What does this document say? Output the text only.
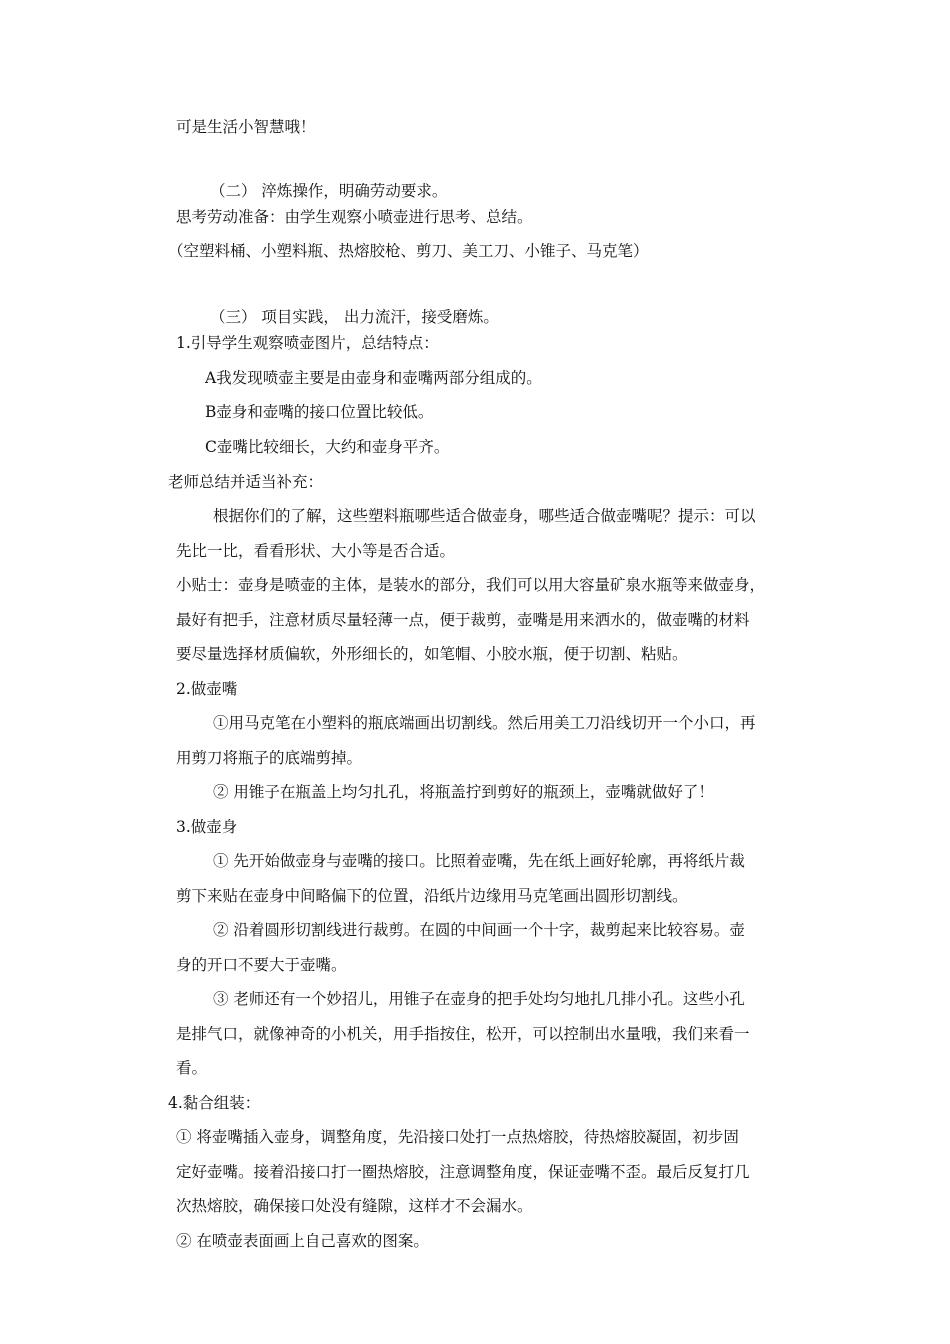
可是生活小智慧哦！
（二） 淬炼操作，明确劳动要求。
思考劳动准备：由学生观察小喷壶进行思考、总结。
（空塑料桶、小塑料瓶、热熔胶枪、剪刀、美工刀、小锥子、马克笔）
（三） 项目实践， 出力流汗，接受磨炼。
1.引导学生观察喷壶图片，总结特点：
A我发现喷壶主要是由壶身和壶嘴两部分组成的。
B壶身和壶嘴的接口位置比较低。
C壶嘴比较细长，大约和壶身平齐。
老师总结并适当补充：
根据你们的了解，这些塑料瓶哪些适合做壶身，哪些适合做壶嘴呢？提示：可以
先比一比，看看形状、大小等是否合适。
小贴士：壶身是喷壶的主体，是装水的部分，我们可以用大容量矿泉水瓶等来做壶身，
最好有把手，注意材质尽量轻薄一点，便于裁剪，壶嘴是用来洒水的，做壶嘴的材料
要尽量选择材质偏软，外形细长的，如笔帽、小胶水瓶，便于切割、粘贴。
2.做壶嘴
①用马克笔在小塑料的瓶底端画出切割线。然后用美工刀沿线切开一个小口，再
用剪刀将瓶子的底端剪掉。
② 用锥子在瓶盖上均匀扎孔，将瓶盖拧到剪好的瓶颈上，壶嘴就做好了！
3.做壶身
① 先开始做壶身与壶嘴的接口。比照着壶嘴，先在纸上画好轮廓，再将纸片裁
剪下来贴在壶身中间略偏下的位置，沿纸片边缘用马克笔画出圆形切割线。
② 沿着圆形切割线进行裁剪。在圆的中间画一个十字，裁剪起来比较容易。壶
身的开口不要大于壶嘴。
③ 老师还有一个妙招儿，用锥子在壶身的把手处均匀地扎几排小孔。这些小孔
是排气口，就像神奇的小机关，用手指按住，松开，可以控制出水量哦，我们来看一
看。
4.黏合组装：
① 将壶嘴插入壶身，调整角度，先沿接口处打一点热熔胶，待热熔胶凝固，初步固
定好壶嘴。接着沿接口打一圈热熔胶，注意调整角度，保证壶嘴不歪。最后反复打几
次热熔胶，确保接口处没有缝隙，这样才不会漏水。
② 在喷壶表面画上自己喜欢的图案。
